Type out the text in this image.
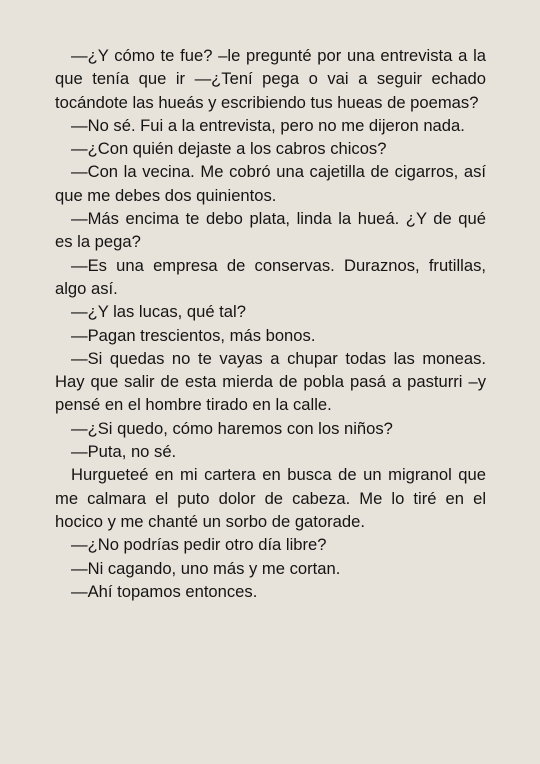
—¿Y cómo te fue? –le pregunté por una entrevista a la que tenía que ir —¿Tení pega o vai a seguir echado tocándote las hueás y escribiendo tus hueas de poemas?

—No sé. Fui a la entrevista, pero no me dijeron nada.

—¿Con quién dejaste a los cabros chicos?

—Con la vecina. Me cobró una cajetilla de cigarros, así que me debes dos quinientos.

—Más encima te debo plata, linda la hueá. ¿Y de qué es la pega?

—Es una empresa de conservas. Duraznos, frutillas, algo así.

—¿Y las lucas, qué tal?

—Pagan trescientos, más bonos.

—Si quedas no te vayas a chupar todas las moneas. Hay que salir de esta mierda de pobla pasá a pasturri –y pensé en el hombre tirado en la calle.

—¿Si quedo, cómo haremos con los niños?

—Puta, no sé.

Hurgueteé en mi cartera en busca de un migranol que me calmara el puto dolor de cabeza. Me lo tiré en el hocico y me chanté un sorbo de gatorade.

—¿No podrías pedir otro día libre?

—Ni cagando, uno más y me cortan.

—Ahí topamos entonces.
